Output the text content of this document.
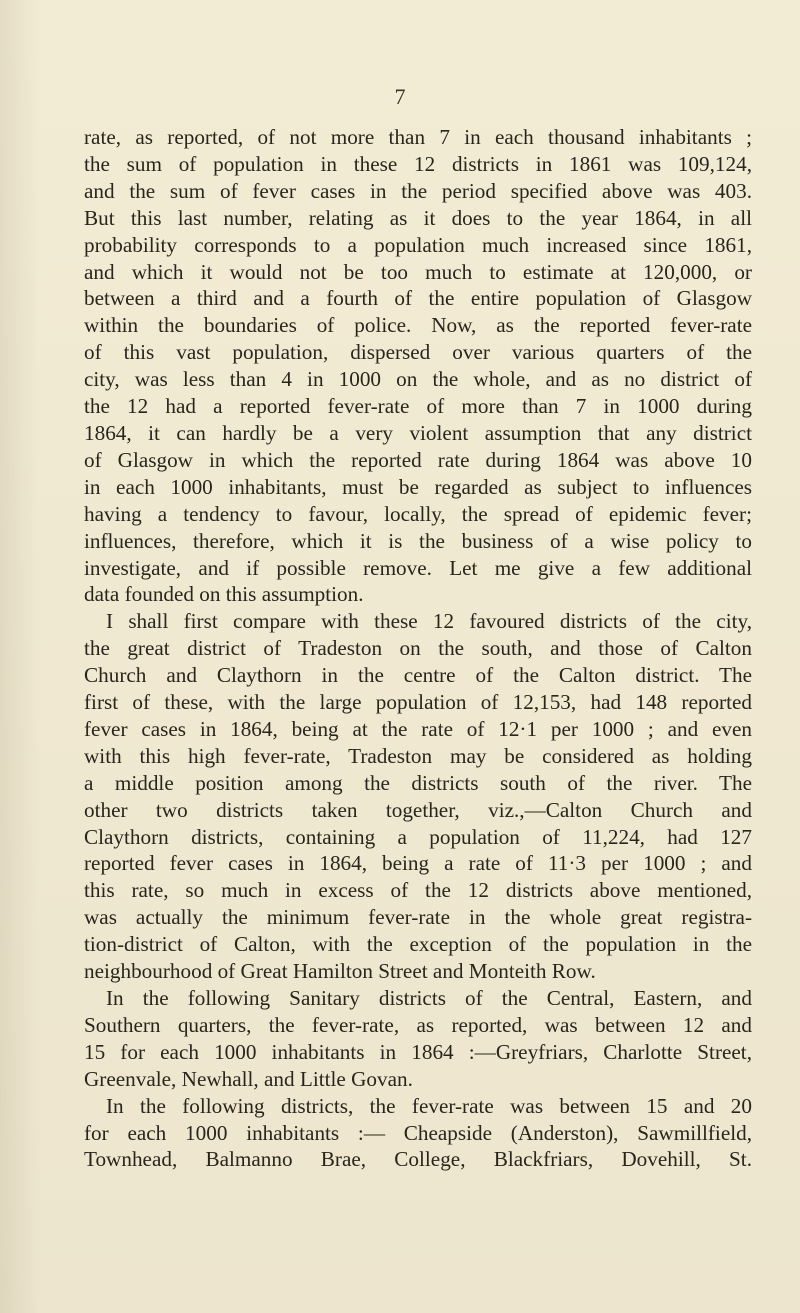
7

rate, as reported, of not more than 7 in each thousand inhabitants ;
the sum of population in these 12 districts in 1861 was 109,124,
and the sum of fever cases in the period specified above was 403.
But this last number, relating as it does to the year 1864, in all
probability corresponds to a population much increased since 1861,
and which it would not be too much to estimate at 120,000, or
between a third and a fourth of the entire population of Glasgow
within the boundaries of police. Now, as the reported fever-rate
of this vast population, dispersed over various quarters of the
city, was less than 4 in 1000 on the whole, and as no district of
the 12 had a reported fever-rate of more than 7 in 1000 during
1864, it can hardly be a very violent assumption that any district
of Glasgow in which the reported rate during 1864 was above 10
in each 1000 inhabitants, must be regarded as subject to influences
having a tendency to favour, locally, the spread of epidemic fever;
influences, therefore, which it is the business of a wise policy to
investigate, and if possible remove. Let me give a few additional
data founded on this assumption.

I shall first compare with these 12 favoured districts of the city,
the great district of Tradeston on the south, and those of Calton
Church and Claythorn in the centre of the Calton district. The
first of these, with the large population of 12,153, had 148 reported
fever cases in 1864, being at the rate of 12·1 per 1000 ; and even
with this high fever-rate, Tradeston may be considered as holding
a middle position among the districts south of the river. The
other two districts taken together, viz.,—Calton Church and
Claythorn districts, containing a population of 11,224, had 127
reported fever cases in 1864, being a rate of 11·3 per 1000 ; and
this rate, so much in excess of the 12 districts above mentioned,
was actually the minimum fever-rate in the whole great registra-
tion-district of Calton, with the exception of the population in the
neighbourhood of Great Hamilton Street and Monteith Row.

In the following Sanitary districts of the Central, Eastern, and
Southern quarters, the fever-rate, as reported, was between 12 and
15 for each 1000 inhabitants in 1864 :—Greyfriars, Charlotte Street,
Greenvale, Newhall, and Little Govan.

In the following districts, the fever-rate was between 15 and 20
for each 1000 inhabitants :— Cheapside (Anderston), Sawmillfield,
Townhead, Balmanno Brae, College, Blackfriars, Dovehill, St.
